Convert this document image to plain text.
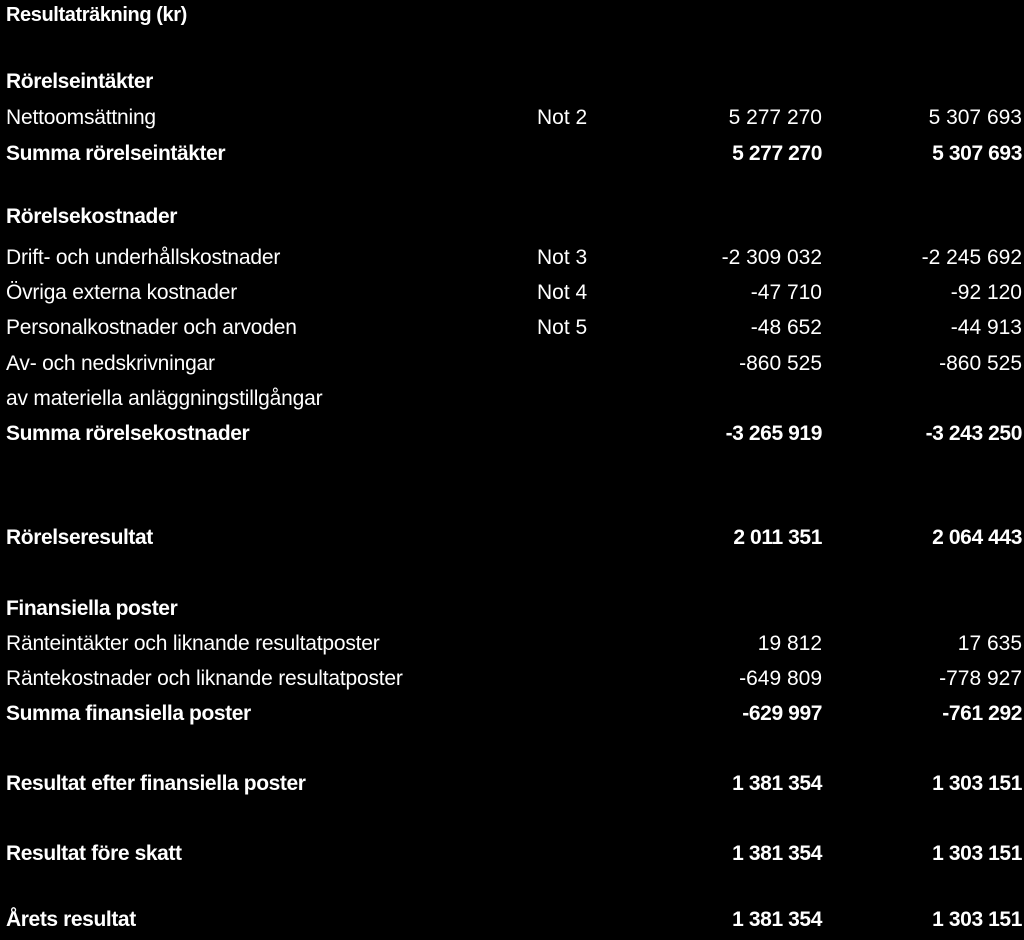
Resultaträkning (kr)
Rörelseintäkter
Nettoomsättning	Not 2	5 277 270	5 307 693
Summa rörelseintäkter	5 277 270	5 307 693
Rörelsekostnader
Drift- och underhållskostnader	Not 3	-2 309 032	-2 245 692
Övriga externa kostnader	Not 4	-47 710	-92 120
Personalkostnader och arvoden	Not 5	-48 652	-44 913
Av- och nedskrivningar	-860 525	-860 525
av materiella anläggningstillgångar
Summa rörelsekostnader	-3 265 919	-3 243 250
Rörelseresultat	2 011 351	2 064 443
Finansiella poster
Ränteintäkter och liknande resultatposter	19 812	17 635
Räntekostnader och liknande resultatposter	-649 809	-778 927
Summa finansiella poster	-629 997	-761 292
Resultat efter finansiella poster	1 381 354	1 303 151
Resultat före skatt	1 381 354	1 303 151
Årets resultat	1 381 354	1 303 151
